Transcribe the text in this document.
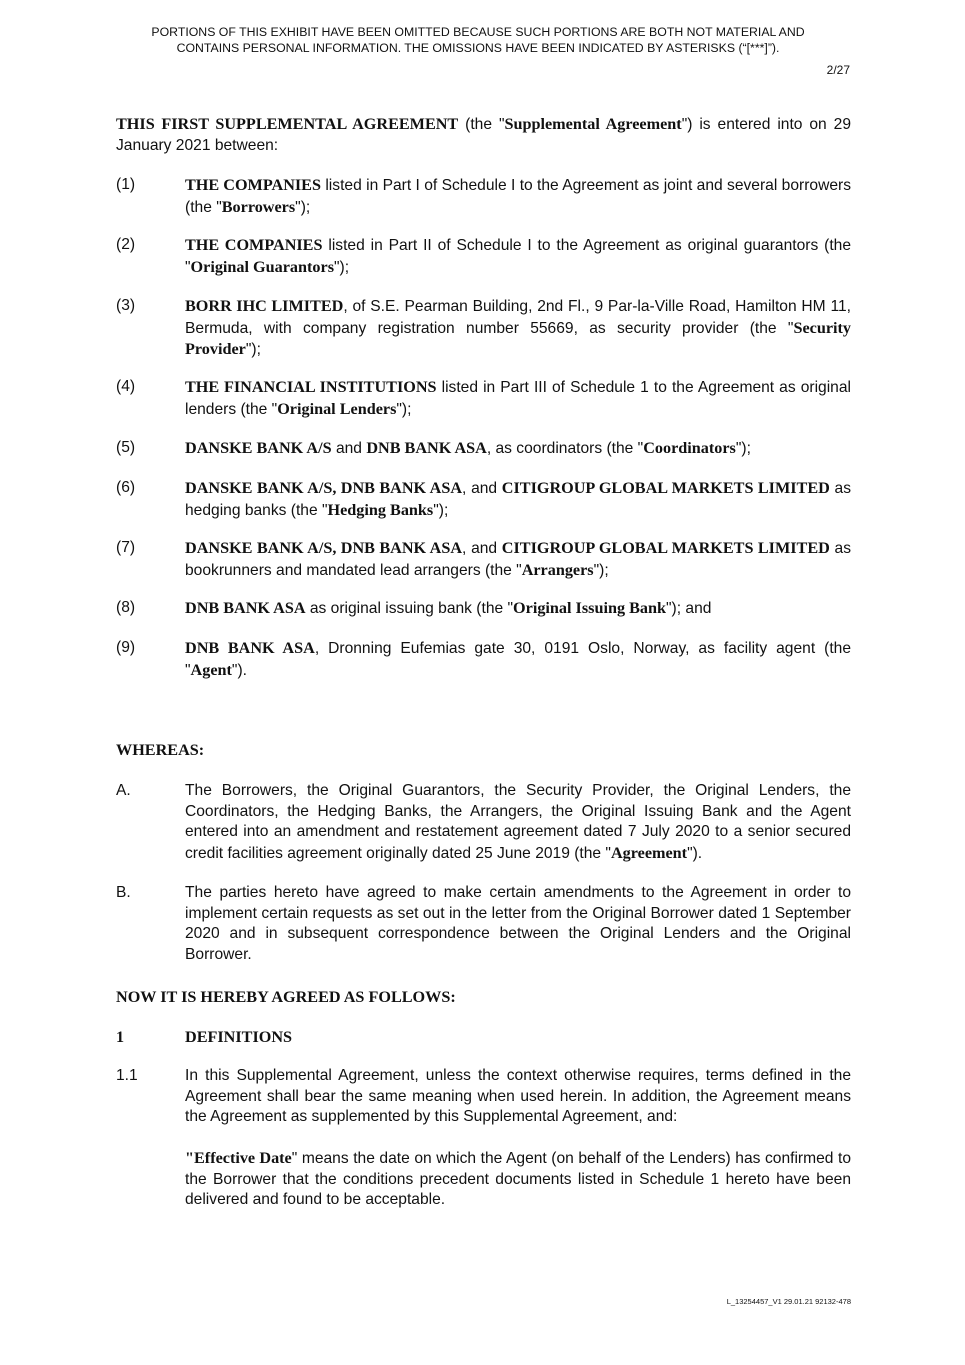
PORTIONS OF THIS EXHIBIT HAVE BEEN OMITTED BECAUSE SUCH PORTIONS ARE BOTH NOT MATERIAL AND
CONTAINS PERSONAL INFORMATION. THE OMISSIONS HAVE BEEN INDICATED BY ASTERISKS (“[***]”).
2/27
THIS FIRST SUPPLEMENTAL AGREEMENT (the "Supplemental Agreement") is entered into on 29 January 2021 between:
(1)	THE COMPANIES listed in Part I of Schedule I to the Agreement as joint and several borrowers (the "Borrowers");
(2)	THE COMPANIES listed in Part II of Schedule I to the Agreement as original guarantors (the "Original Guarantors");
(3)	BORR IHC LIMITED, of S.E. Pearman Building, 2nd Fl., 9 Par-la-Ville Road, Hamilton HM 11, Bermuda, with company registration number 55669, as security provider (the "Security Provider");
(4)	THE FINANCIAL INSTITUTIONS listed in Part III of Schedule 1 to the Agreement as original lenders (the "Original Lenders");
(5)	DANSKE BANK A/S and DNB BANK ASA, as coordinators (the "Coordinators");
(6)	DANSKE BANK A/S, DNB BANK ASA, and CITIGROUP GLOBAL MARKETS LIMITED as hedging banks (the "Hedging Banks");
(7)	DANSKE BANK A/S, DNB BANK ASA, and CITIGROUP GLOBAL MARKETS LIMITED as bookrunners and mandated lead arrangers (the "Arrangers");
(8)	DNB BANK ASA as original issuing bank (the "Original Issuing Bank"); and
(9)	DNB BANK ASA, Dronning Eufemias gate 30, 0191 Oslo, Norway, as facility agent (the "Agent").
WHEREAS:
A.	The Borrowers, the Original Guarantors, the Security Provider, the Original Lenders, the Coordinators, the Hedging Banks, the Arrangers, the Original Issuing Bank and the Agent entered into an amendment and restatement agreement dated 7 July 2020 to a senior secured credit facilities agreement originally dated 25 June 2019 (the "Agreement").
B.	The parties hereto have agreed to make certain amendments to the Agreement in order to implement certain requests as set out in the letter from the Original Borrower dated 1 September 2020 and in subsequent correspondence between the Original Lenders and the Original Borrower.
NOW IT IS HEREBY AGREED AS FOLLOWS:
1	DEFINITIONS
1.1	In this Supplemental Agreement, unless the context otherwise requires, terms defined in the Agreement shall bear the same meaning when used herein. In addition, the Agreement means the Agreement as supplemented by this Supplemental Agreement, and:
"Effective Date" means the date on which the Agent (on behalf of the Lenders) has confirmed to the Borrower that the conditions precedent documents listed in Schedule 1 hereto have been delivered and found to be acceptable.
L_13254457_V1 29.01.21 92132-478
